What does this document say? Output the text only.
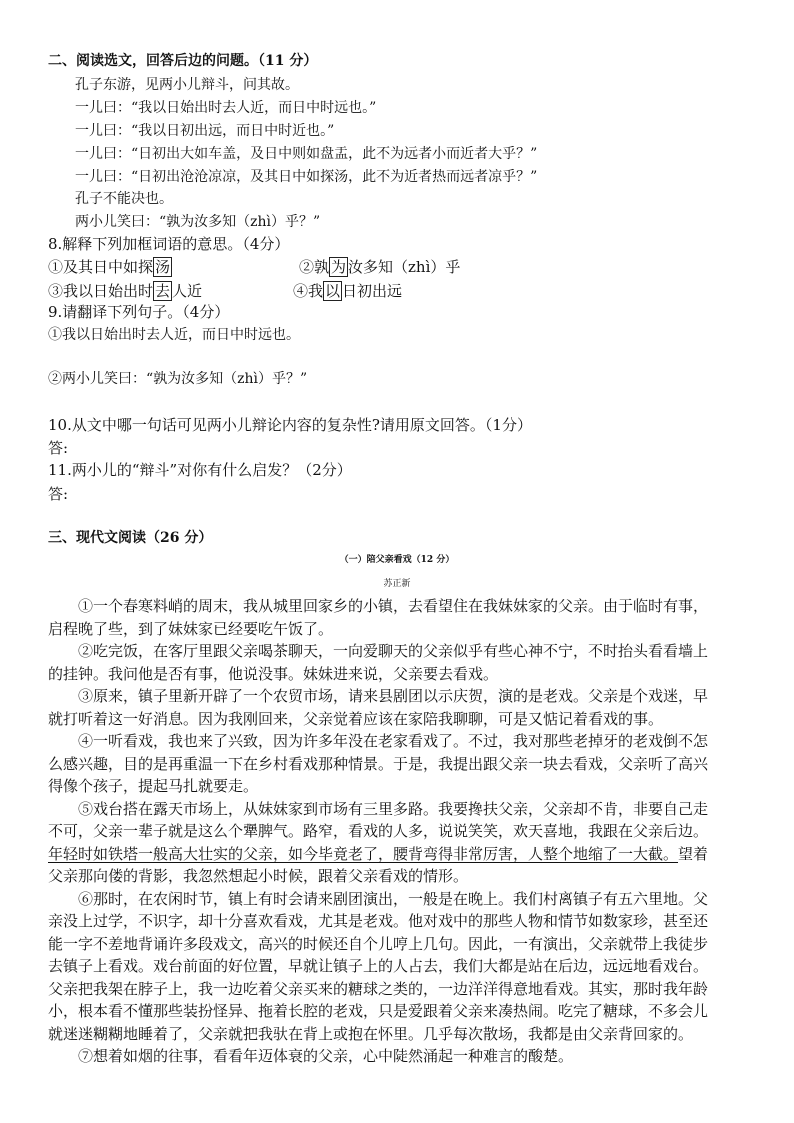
二、阅读选文，回答后边的问题。（11 分）
孔子东游，见两小儿辩斗，问其故。
一儿曰：“我以日始出时去人近，而日中时远也。”
一儿曰：“我以日初出远，而日中时近也。”
一儿曰：“日初出大如车盖，及日中则如盘盂，此不为远者小而近者大乎？”
一儿曰：“日初出沧沧凉凉，及其日中如探汤，此不为近者热而远者凉乎？”
孔子不能决也。
两小儿笑曰：“孰为汝多知（zhì）乎？”
8.解释下列加框词语的意思。（4分）
①及其日中如探 汤	②孰 为 汝多知（zhì）乎
③我以日始出时 去 人近	④我 以 日初出远
9.请翻译下列句子。（4分）
①我以日始出时去人近，而日中时远也。
②两小儿笑曰：“孰为汝多知（zhì）乎？”
10.从文中哪一句话可见两小儿辩论内容的复杂性?请用原文回答。（1分）
答:
11.两小儿的“辩斗”对你有什么启发？（2分）
答:
三、现代文阅读（26 分）
（一）陪父亲看戏（12 分）
苏正新
①一个春寒料峭的周末，我从城里回家乡的小镇，去看望住在我妹妹家的父亲。由于临时有事，
启程晚了些，到了妹妹家已经要吃午饭了。
②吃完饭，在客厅里跟父亲喝茶聊天，一向爱聊天的父亲似乎有些心神不宁，不时抬头看看墙上
的挂钟。我问他是否有事，他说没事。妹妹进来说，父亲要去看戏。
③原来，镇子里新开辟了一个农贸市场，请来县剧团以示庆贺，演的是老戏。父亲是个戏迷，早
就打听着这一好消息。因为我刚回来，父亲觉着应该在家陪我聊聊，可是又惦记着看戏的事。
④一听看戏，我也来了兴致，因为许多年没在老家看戏了。不过，我对那些老掉牙的老戏倒不怎
么感兴趣，目的是再重温一下在乡村看戏那种情景。于是，我提出跟父亲一块去看戏，父亲听了高兴
得像个孩子，提起马扎就要走。
⑤戏台搭在露天市场上，从妹妹家到市场有三里多路。我要搀扶父亲，父亲却不肯，非要自己走
不可，父亲一辈子就是这么个犟脾气。路窄，看戏的人多，说说笑笑，欢天喜地，我跟在父亲后边。
年轻时如铁塔一般高大壮实的父亲，如今毕竟老了，腰背弯得非常厉害，人整个地缩了一大截。望着
父亲那向偻的背影，我忽然想起小时候，跟着父亲看戏的情形。
⑥那时，在农闲时节，镇上有时会请来剧团演出，一般是在晚上。我们村离镇子有五六里地。父
亲没上过学，不识字，却十分喜欢看戏，尤其是老戏。他对戏中的那些人物和情节如数家珍，甚至还
能一字不差地背诵许多段戏文，高兴的时候还自个儿哼上几句。因此，一有演出，父亲就带上我徒步
去镇子上看戏。戏台前面的好位置，早就让镇子上的人占去，我们大都是站在后边，远远地看戏台。
父亲把我架在脖子上，我一边吃着父亲买来的糖球之类的，一边洋洋得意地看戏。其实，那时我年龄
小，根本看不懂那些装扮怪异、拖着长腔的老戏，只是爱跟着父亲来凑热闹。吃完了糖球，不多会儿
就迷迷糊糊地睡着了，父亲就把我驮在背上或抱在怀里。几乎每次散场，我都是由父亲背回家的。
⑦想着如烟的往事，看看年迈体衰的父亲，心中陡然涌起一种难言的酸楚。
